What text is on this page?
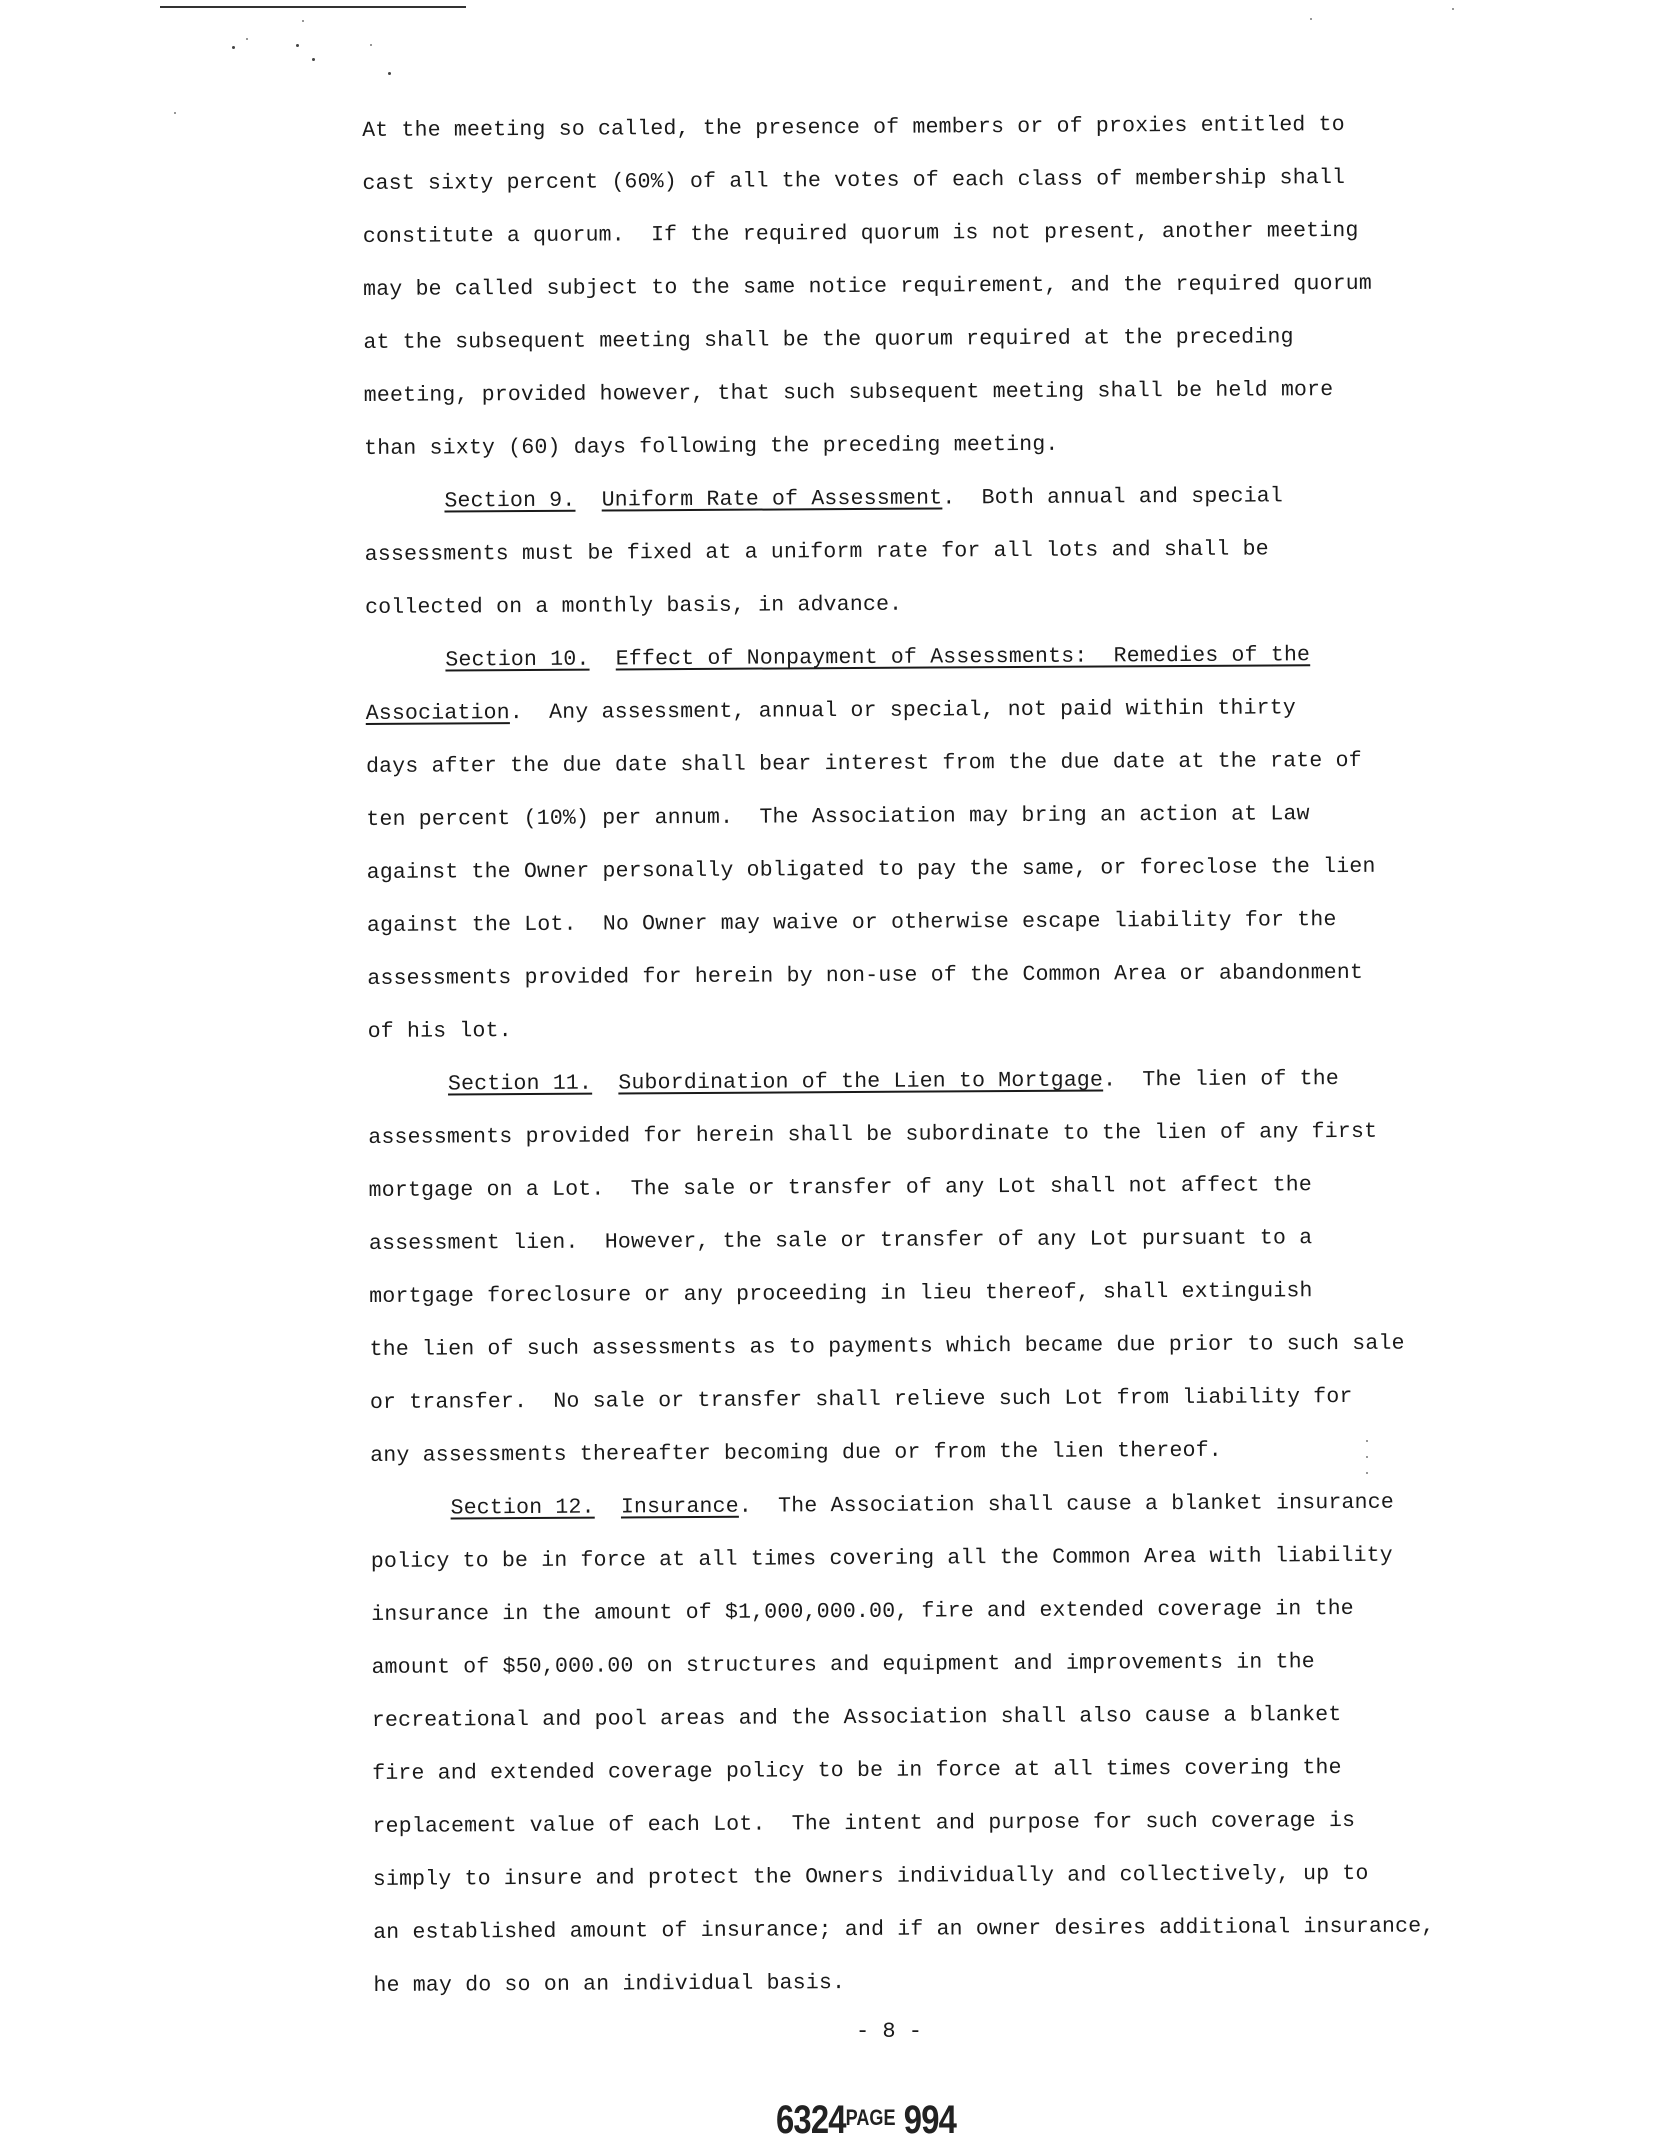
At the meeting so called, the presence of members or of proxies entitled to
cast sixty percent (60%) of all the votes of each class of membership shall
constitute a quorum.  If the required quorum is not present, another meeting
may be called subject to the same notice requirement, and the required quorum
at the subsequent meeting shall be the quorum required at the preceding
meeting, provided however, that such subsequent meeting shall be held more
than sixty (60) days following the preceding meeting.
Section 9. Uniform Rate of Assessment.  Both annual and special
assessments must be fixed at a uniform rate for all lots and shall be
collected on a monthly basis, in advance.
Section 10. Effect of Nonpayment of Assessments:  Remedies of the
Association.  Any assessment, annual or special, not paid within thirty
days after the due date shall bear interest from the due date at the rate of
ten percent (10%) per annum.  The Association may bring an action at Law
against the Owner personally obligated to pay the same, or foreclose the lien
against the Lot.  No Owner may waive or otherwise escape liability for the
assessments provided for herein by non-use of the Common Area or abandonment
of his lot.
Section 11. Subordination of the Lien to Mortgage.  The lien of the
assessments provided for herein shall be subordinate to the lien of any first
mortgage on a Lot.  The sale or transfer of any Lot shall not affect the
assessment lien.  However, the sale or transfer of any Lot pursuant to a
mortgage foreclosure or any proceeding in lieu thereof, shall extinguish
the lien of such assessments as to payments which became due prior to such sale
or transfer.  No sale or transfer shall relieve such Lot from liability for
any assessments thereafter becoming due or from the lien thereof.
Section 12. Insurance.  The Association shall cause a blanket insurance
policy to be in force at all times covering all the Common Area with liability
insurance in the amount of $1,000,000.00, fire and extended coverage in the
amount of $50,000.00 on structures and equipment and improvements in the
recreational and pool areas and the Association shall also cause a blanket
fire and extended coverage policy to be in force at all times covering the
replacement value of each Lot.  The intent and purpose for such coverage is
simply to insure and protect the Owners individually and collectively, up to
an established amount of insurance; and if an owner desires additional insurance,
he may do so on an individual basis.
- 8 -
$6324^{PAGE}$ 994
